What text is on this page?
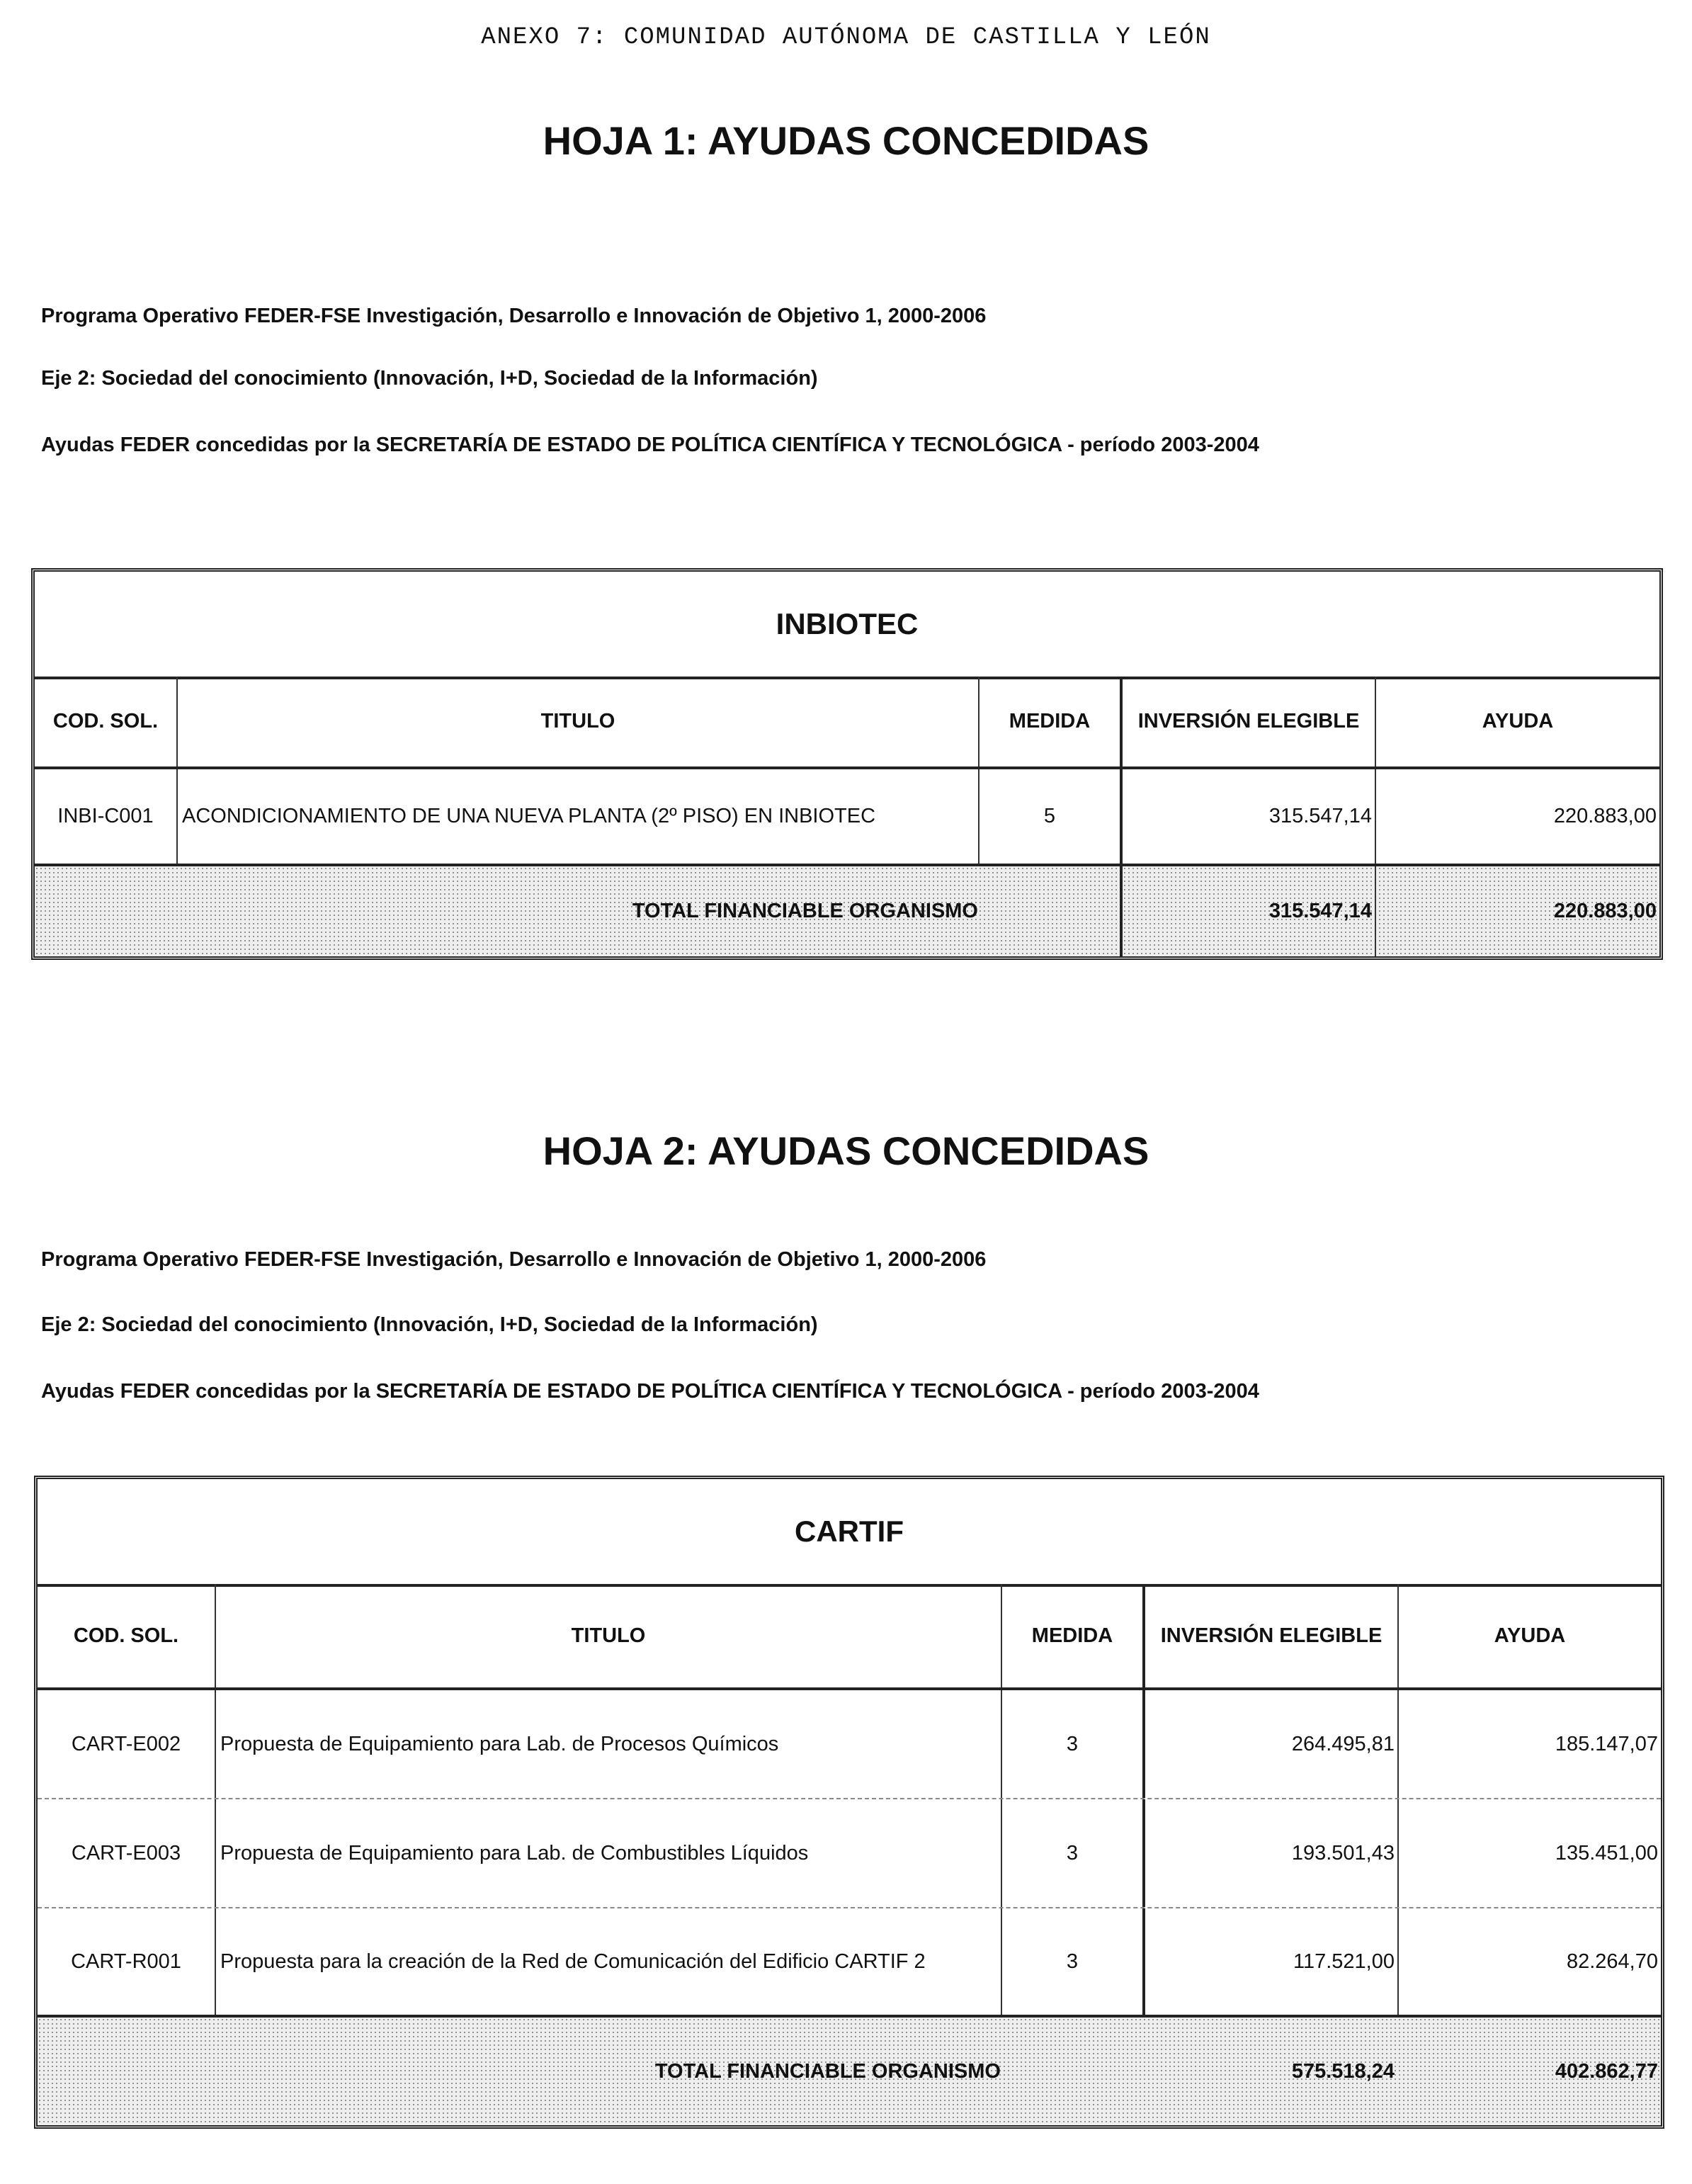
ANEXO 7: COMUNIDAD AUTÓNOMA DE CASTILLA Y LEÓN
HOJA 1: AYUDAS CONCEDIDAS
Programa Operativo FEDER-FSE Investigación, Desarrollo e Innovación de Objetivo 1, 2000-2006
Eje 2: Sociedad del conocimiento (Innovación, I+D, Sociedad de la Información)
Ayudas FEDER concedidas por la SECRETARÍA DE ESTADO DE POLÍTICA CIENTÍFICA Y TECNOLÓGICA - período 2003-2004
INBIOTEC
COD. SOL.	TITULO	MEDIDA	INVERSIÓN ELEGIBLE	AYUDA
INBI-C001	ACONDICIONAMIENTO DE UNA NUEVA PLANTA (2º PISO) EN INBIOTEC	5	315.547,14	220.883,00
TOTAL FINANCIABLE ORGANISMO	315.547,14	220.883,00
HOJA 2: AYUDAS CONCEDIDAS
Programa Operativo FEDER-FSE Investigación, Desarrollo e Innovación de Objetivo 1, 2000-2006
Eje 2: Sociedad del conocimiento (Innovación, I+D, Sociedad de la Información)
Ayudas FEDER concedidas por la SECRETARÍA DE ESTADO DE POLÍTICA CIENTÍFICA Y TECNOLÓGICA - período 2003-2004
CARTIF
COD. SOL.	TITULO	MEDIDA	INVERSIÓN ELEGIBLE	AYUDA
CART-E002	Propuesta de Equipamiento para Lab. de Procesos Químicos	3	264.495,81	185.147,07
CART-E003	Propuesta de Equipamiento para Lab. de Combustibles Líquidos	3	193.501,43	135.451,00
CART-R001	Propuesta para la creación de la Red de Comunicación del Edificio CARTIF 2	3	117.521,00	82.264,70
TOTAL FINANCIABLE ORGANISMO	575.518,24	402.862,77
